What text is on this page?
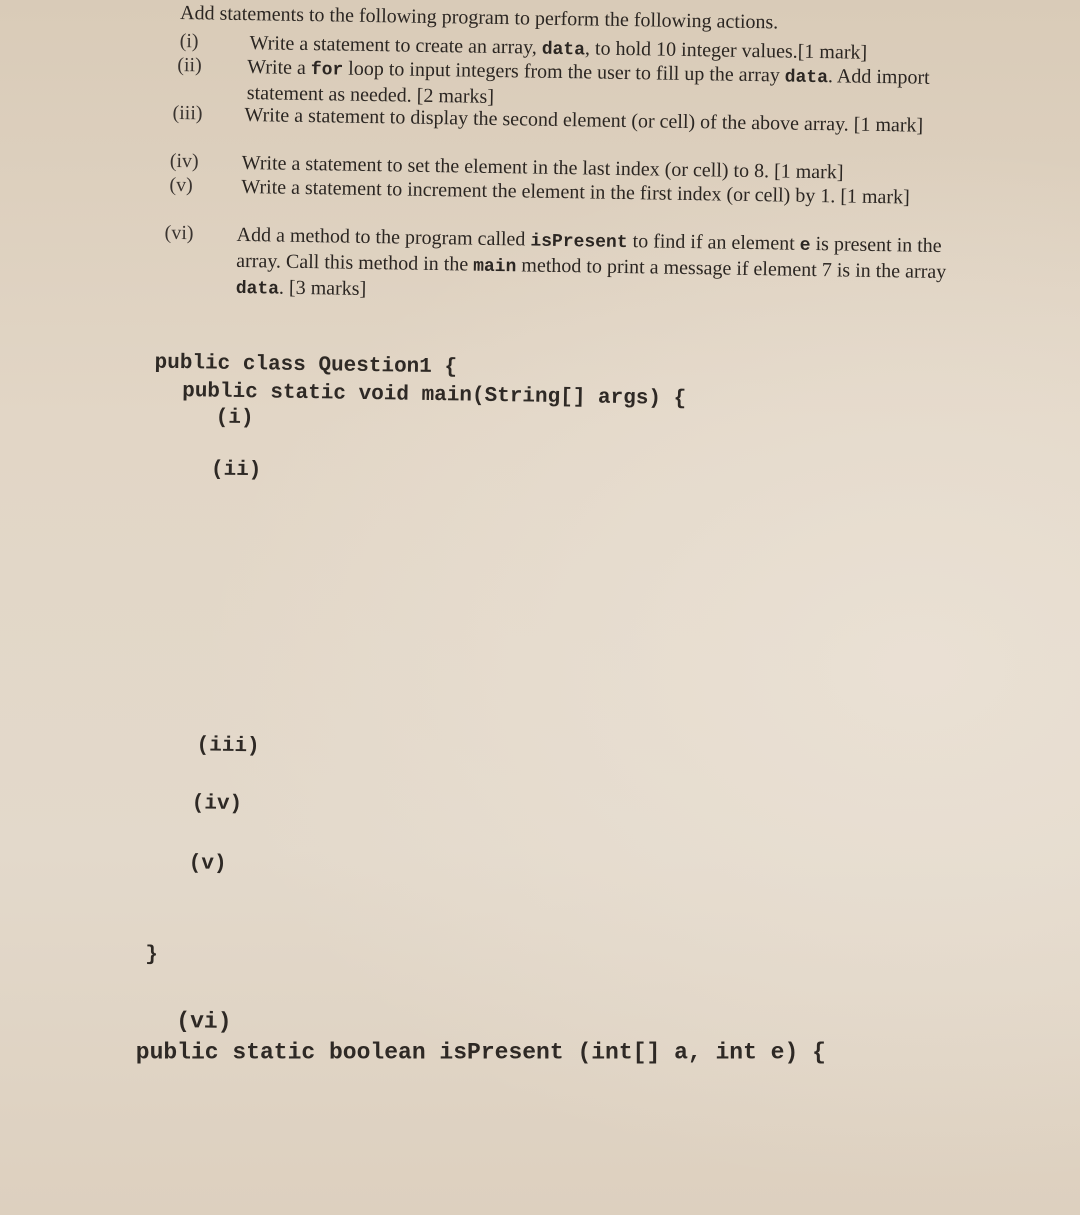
Add statements to the following program to perform the following actions.
(i)	Write a statement to create an array, data, to hold 10 integer values.[1 mark]
(ii) Write a for loop to input integers from the user to fill up the array data. Add import statement as needed. [2 marks]
(iii) Write a statement to display the second element (or cell) of the above array. [1 mark]
(iv) Write a statement to set the element in the last index (or cell) to 8. [1 mark]
(v) Write a statement to increment the element in the first index (or cell) by 1. [1 mark]
(vi) Add a method to the program called isPresent to find if an element e is present in the array. Call this method in the main method to print a message if element 7 is in the array data. [3 marks]
public class Question1 {
public static void main(String[] args) {
(i)
(ii)
(iii)
(iv)
(v)
}
(vi)
public static boolean isPresent (int[] a, int e) {
